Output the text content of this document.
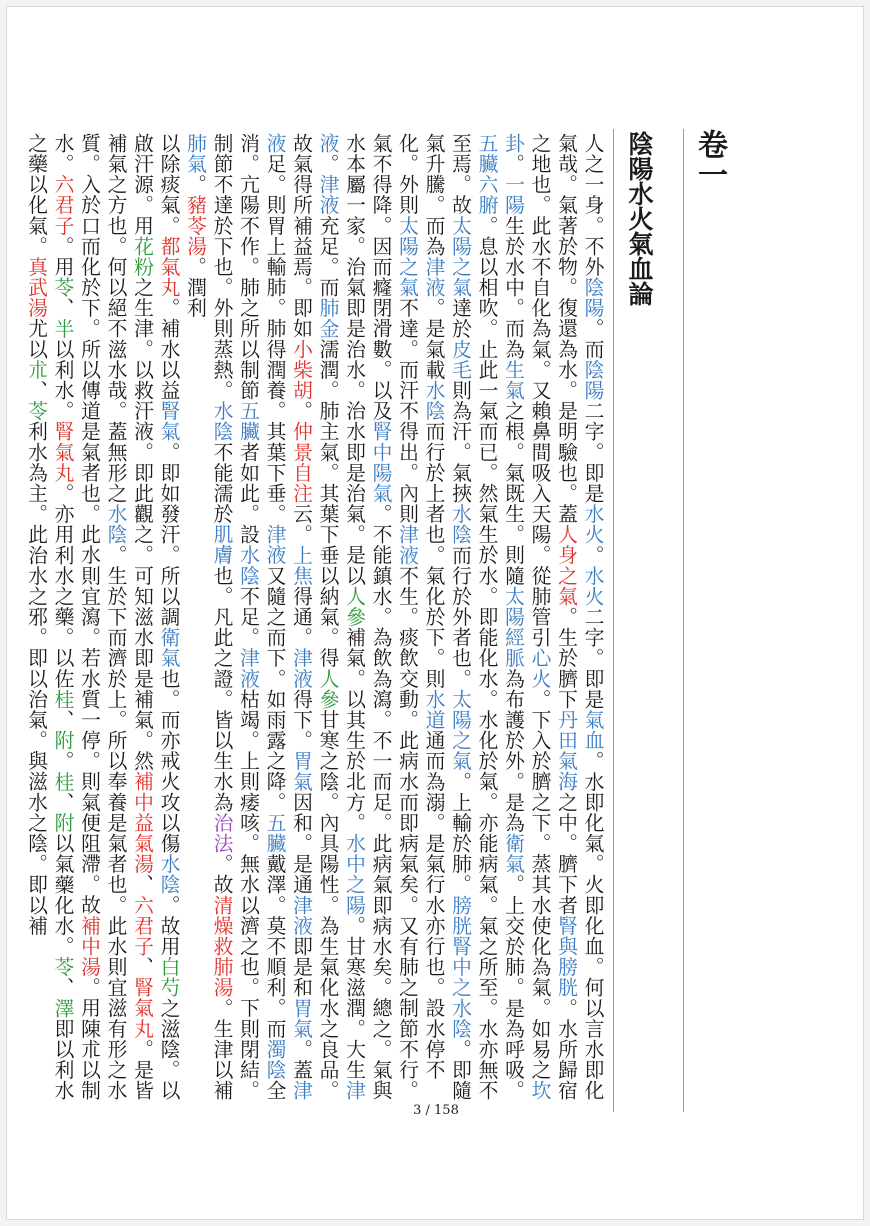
卷一
陰陽水火氣血論
人之一身。不外陰陽。而陰陽二字。即是水火。水火二字。即是氣血。水即化氣。火即化血。何以言水即化氣哉。氣著於物。復還為水。是明驗也。蓋人身之氣。生於臍下丹田氣海之中。臍下者腎與膀胱。水所歸宿之地也。此水不自化為氣。又賴鼻間吸入天陽。從肺管引心火。下入於臍之下。蒸其水使化為氣。如易之坎卦。一陽生於水中。而為生氣之根。氣既生。則隨太陽經脈為布護於外。是為衛氣。上交於肺。是為呼吸。五臟六腑。息以相吹。止此一氣而已。然氣生於水。即能化水。水化於氣。亦能病氣。氣之所至。水亦無不至焉。故太陽之氣達於皮毛則為汗。氣挾水陰而行於外者也。太陽之氣。上輸於肺。膀胱腎中之水陰。即隨氣升騰。而為津液。是氣載水陰而行於上者也。氣化於下。則水道通而為溺。是氣行水亦行也。設水停不化。外則太陽之氣不達。而汗不得出。內則津液不生。痰飲交動。此病水而即病氣矣。又有肺之制節不行。氣不得降。因而癃閉滑數。以及腎中陽氣。不能鎮水。為飲為瀉。不一而足。此病氣即病水矣。總之。氣與水本屬一家。治氣即是治水。治水即是治氣。是以人參補氣。以其生於北方。水中之陽。甘寒滋潤。大生津液。津液充足。而肺金濡潤。肺主氣。其葉下垂以納氣。得人參甘寒之陰。內具陽性。為生氣化水之良品。故氣得所補益焉。即如小柴胡。仲景自注云。上焦得通。津液得下。胃氣因和。是通津液即是和胃氣。蓋津液足。則胃上輸肺。肺得潤養。其葉下垂。津液又隨之而下。如雨露之降。五臟戴澤。莫不順利。而濁陰全消。亢陽不作。肺之所以制節五臟者如此。設水陰不足。津液枯竭。上則痿咳。無水以濟之也。下則閉結。制節不達於下也。外則蒸熱。水陰不能濡於肌膚也。凡此之證。皆以生水為治法。故清燥救肺湯。生津以補肺氣。豬苓湯。潤利
以除痰氣。都氣丸。補水以益腎氣。即如發汗。所以調衛氣也。而亦戒火攻以傷水陰。故用白芍之滋陰。以啟汗源。用花粉之生津。以救汗液。即此觀之。可知滋水即是補氣。然補中益氣湯、六君子、腎氣丸。是皆補氣之方也。何以絕不滋水哉。蓋無形之水陰。生於下而濟於上。所以奉養是氣者也。此水則宜滋有形之水質。入於口而化於下。所以傳道是氣者也。此水則宜瀉。若水質一停。則氣便阻滯。故補中湯。用陳朮以制水。六君子。用苓、半以利水。腎氣丸。亦用利水之藥。以佐桂、附。桂、附以氣藥化水。苓、澤即以利水之藥以化氣。真武湯尤以朮、苓利水為主。此治水之邪。即以治氣。與滋水之陰。即以補
3 / 158
